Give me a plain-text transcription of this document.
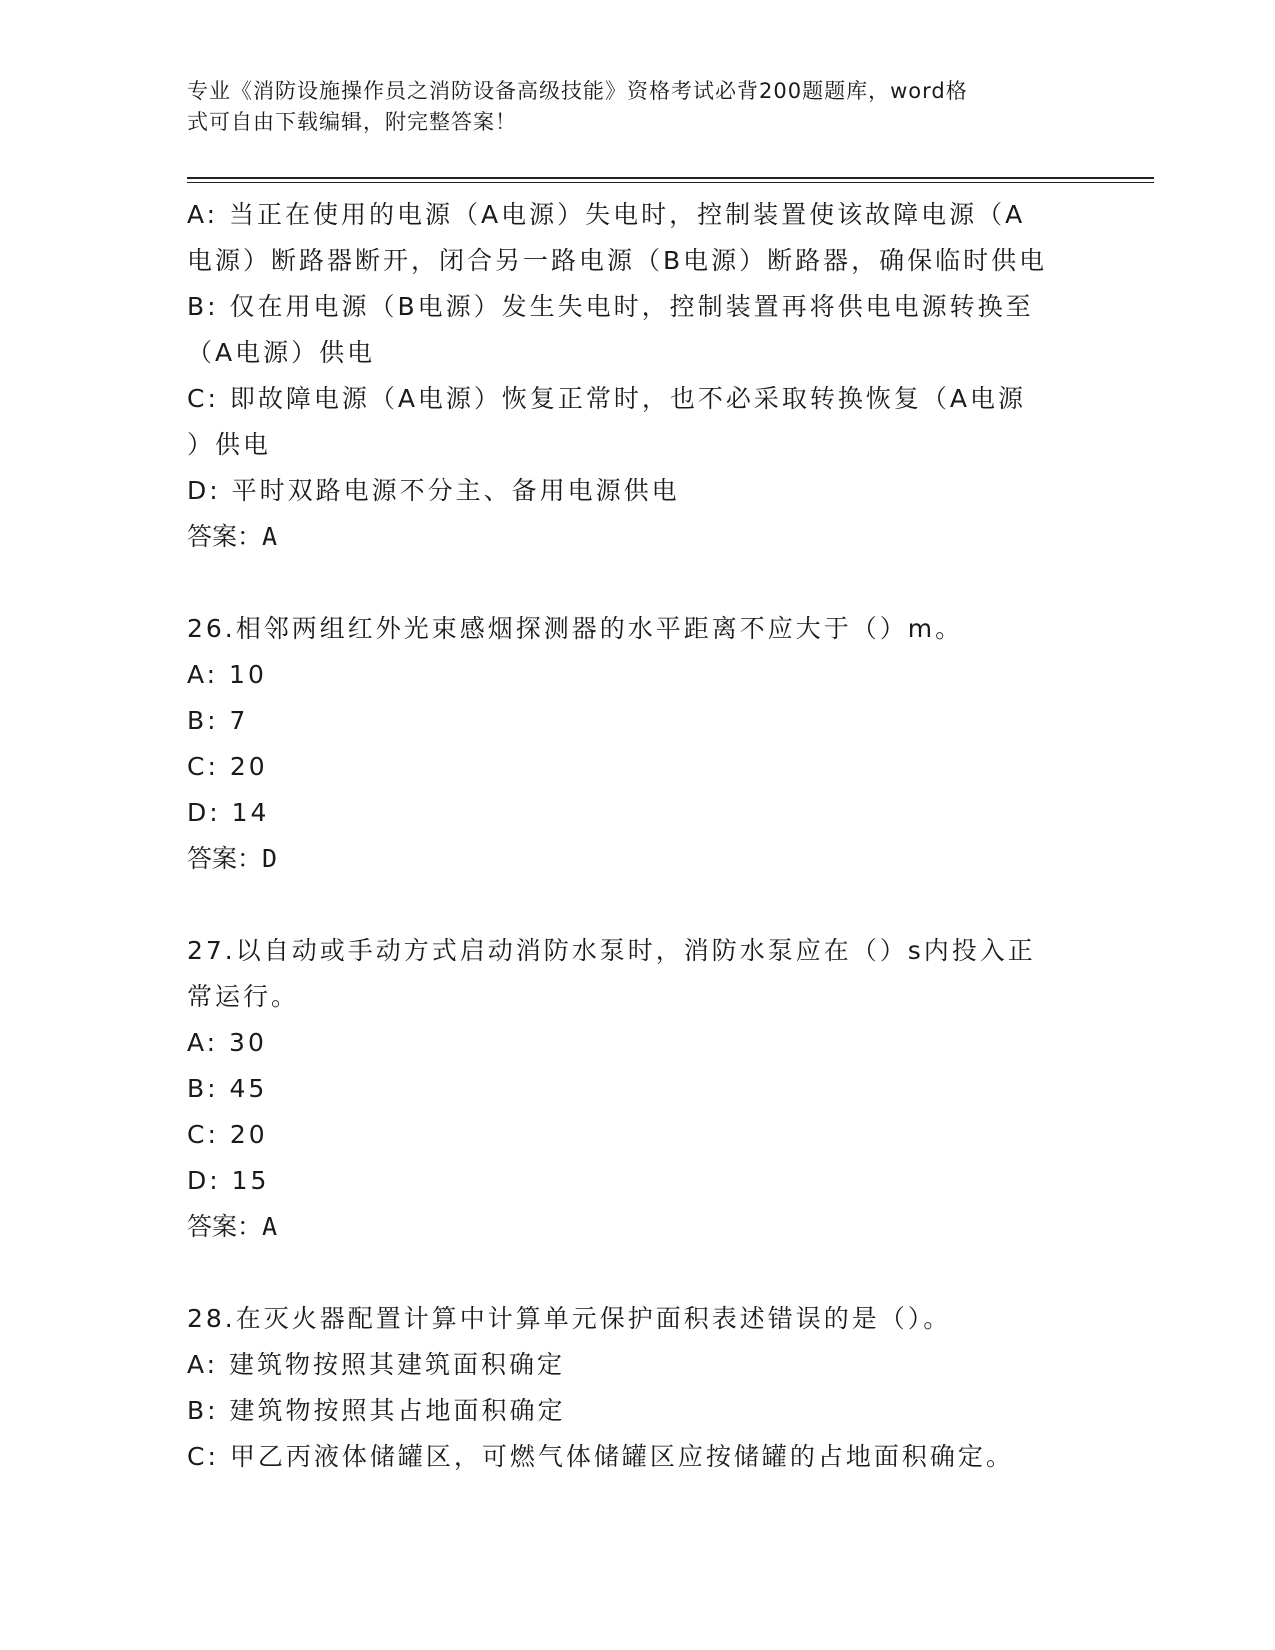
专业《消防设施操作员之消防设备高级技能》资格考试必背200题题库，word格
式可自由下载编辑，附完整答案！
A: 当正在使用的电源（A电源）失电时，控制装置使该故障电源（A
电源）断路器断开，闭合另一路电源（B电源）断路器，确保临时供电
B: 仅在用电源（B电源）发生失电时，控制装置再将供电电源转换至
（A电源）供电
C: 即故障电源（A电源）恢复正常时，也不必采取转换恢复（A电源
）供电
D: 平时双路电源不分主、备用电源供电
答案：A
26.相邻两组红外光束感烟探测器的水平距离不应大于（）m。
A: 10
B: 7
C: 20
D: 14
答案：D
27.以自动或手动方式启动消防水泵时，消防水泵应在（）s内投入正
常运行。
A: 30
B: 45
C: 20
D: 15
答案：A
28.在灭火器配置计算中计算单元保护面积表述错误的是（）。
A: 建筑物按照其建筑面积确定
B: 建筑物按照其占地面积确定
C: 甲乙丙液体储罐区，可燃气体储罐区应按储罐的占地面积确定。
